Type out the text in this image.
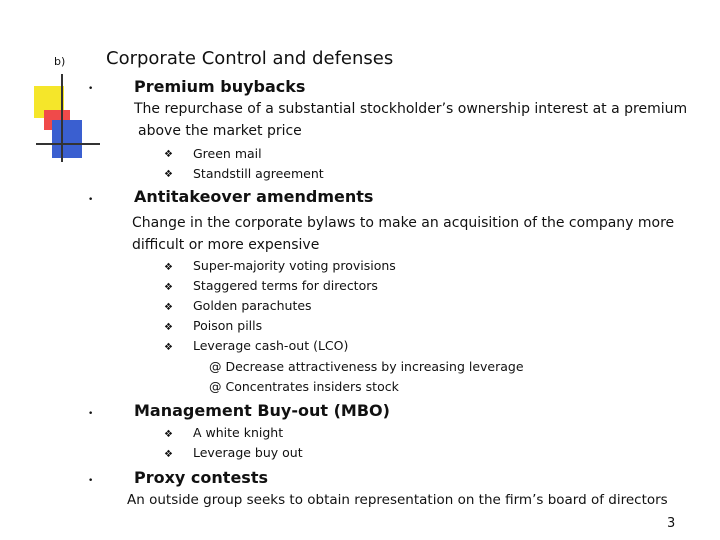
b) Corporate Control and defenses
•	Premium buybacks
The repurchase of a substantial stockholder’s ownership interest at a premium
above the market price
❖ Green mail
❖ Standstill agreement
•	Antitakeover amendments
Change in the corporate bylaws to make an acquisition of the company more
difficult or more expensive
❖ Super-majority voting provisions
❖ Staggered terms for directors
❖ Golden parachutes
❖ Poison pills
❖ Leverage cash-out (LCO)
@ Decrease attractiveness by increasing leverage
@ Concentrates insiders stock
•	Management Buy-out (MBO)
❖ A white knight
❖ Leverage buy out
•	Proxy contests
An outside group seeks to obtain representation on the firm’s board of directors
3
